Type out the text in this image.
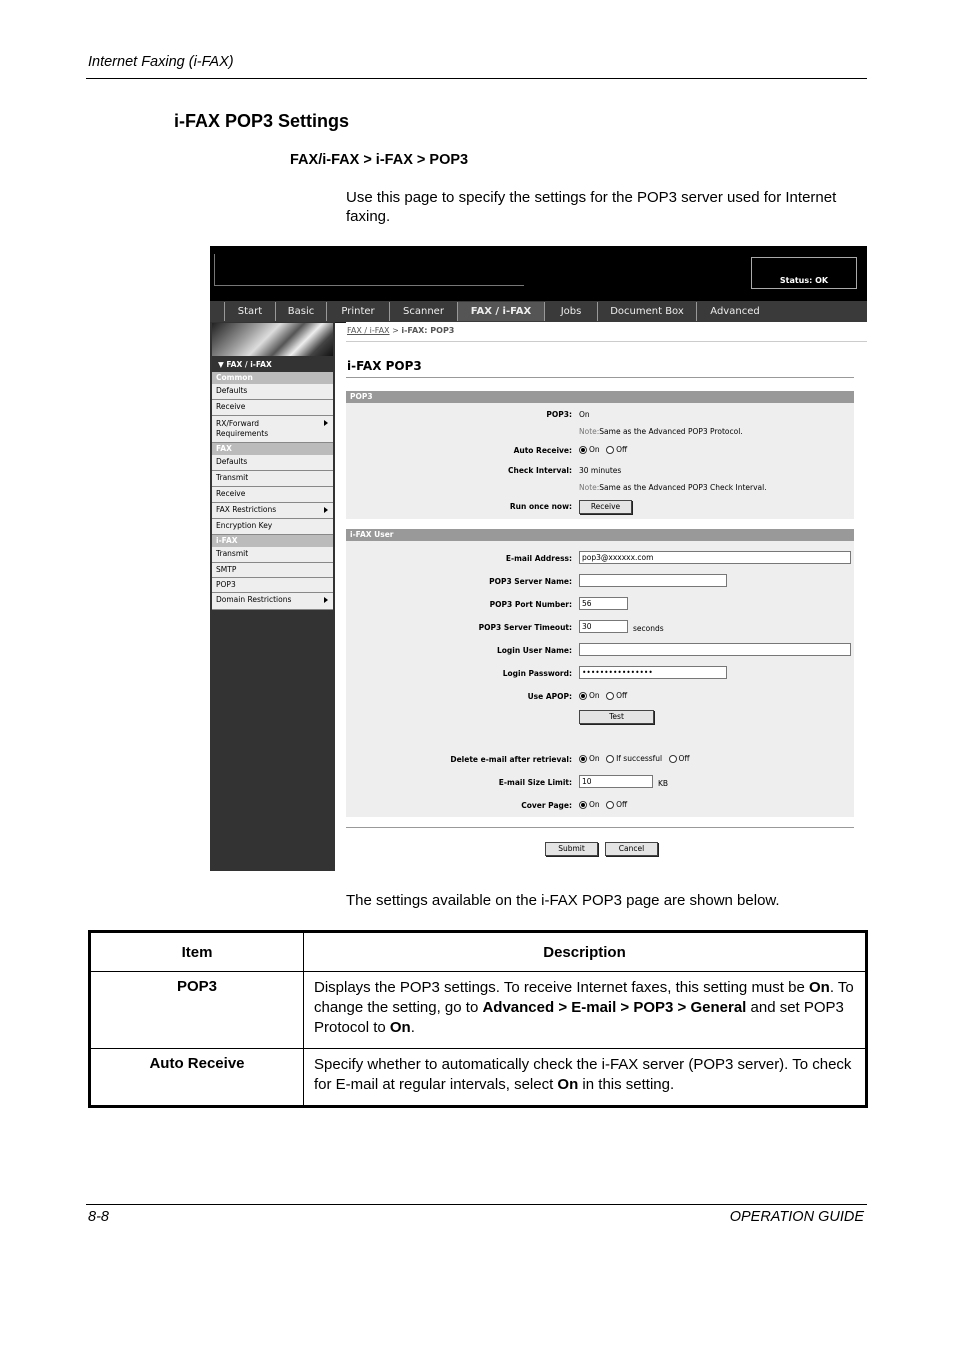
Internet Faxing (i-FAX)
i-FAX POP3 Settings
FAX/i-FAX > i-FAX > POP3
Use this page to specify the settings for the POP3 server used for Internet faxing.
Status: OK
Start	Basic	Printer	Scanner	FAX / i-FAX	Jobs	Document Box	Advanced
▼ FAX / i-FAX
Common
Defaults
Receive
RX/Forward Requirements
FAX
Defaults
Transmit
Receive
FAX Restrictions
Encryption Key
i-FAX
Transmit
SMTP
POP3
Domain Restrictions
FAX / i-FAX > i-FAX: POP3
i-FAX POP3
POP3
POP3: On
Note:Same as the Advanced POP3 Protocol.
Auto Receive:	On Off
Check Interval: 30 minutes
Note:Same as the Advanced POP3 Check Interval.
Run once now:	Receive
i-FAX User
E-mail Address:	pop3@xxxxxx.com
POP3 Server Name:
POP3 Port Number:	56
POP3 Server Timeout:	30	seconds
Login User Name:
Login Password:	••••••••••••••••
Use APOP:	On Off
Test
Delete e-mail after retrieval:	On If successful Off
E-mail Size Limit:	10	KB
Cover Page:	On Off
Submit	Cancel
The settings available on the i-FAX POP3 page are shown below.
Item	Description
POP3	Displays the POP3 settings. To receive Internet faxes, this setting must be On. To change the setting, go to Advanced > E-mail > POP3 > General and set POP3 Protocol to On.
Auto Receive	Specify whether to automatically check the i-FAX server (POP3 server). To check for E-mail at regular intervals, select On in this setting.
8-8	OPERATION GUIDE
